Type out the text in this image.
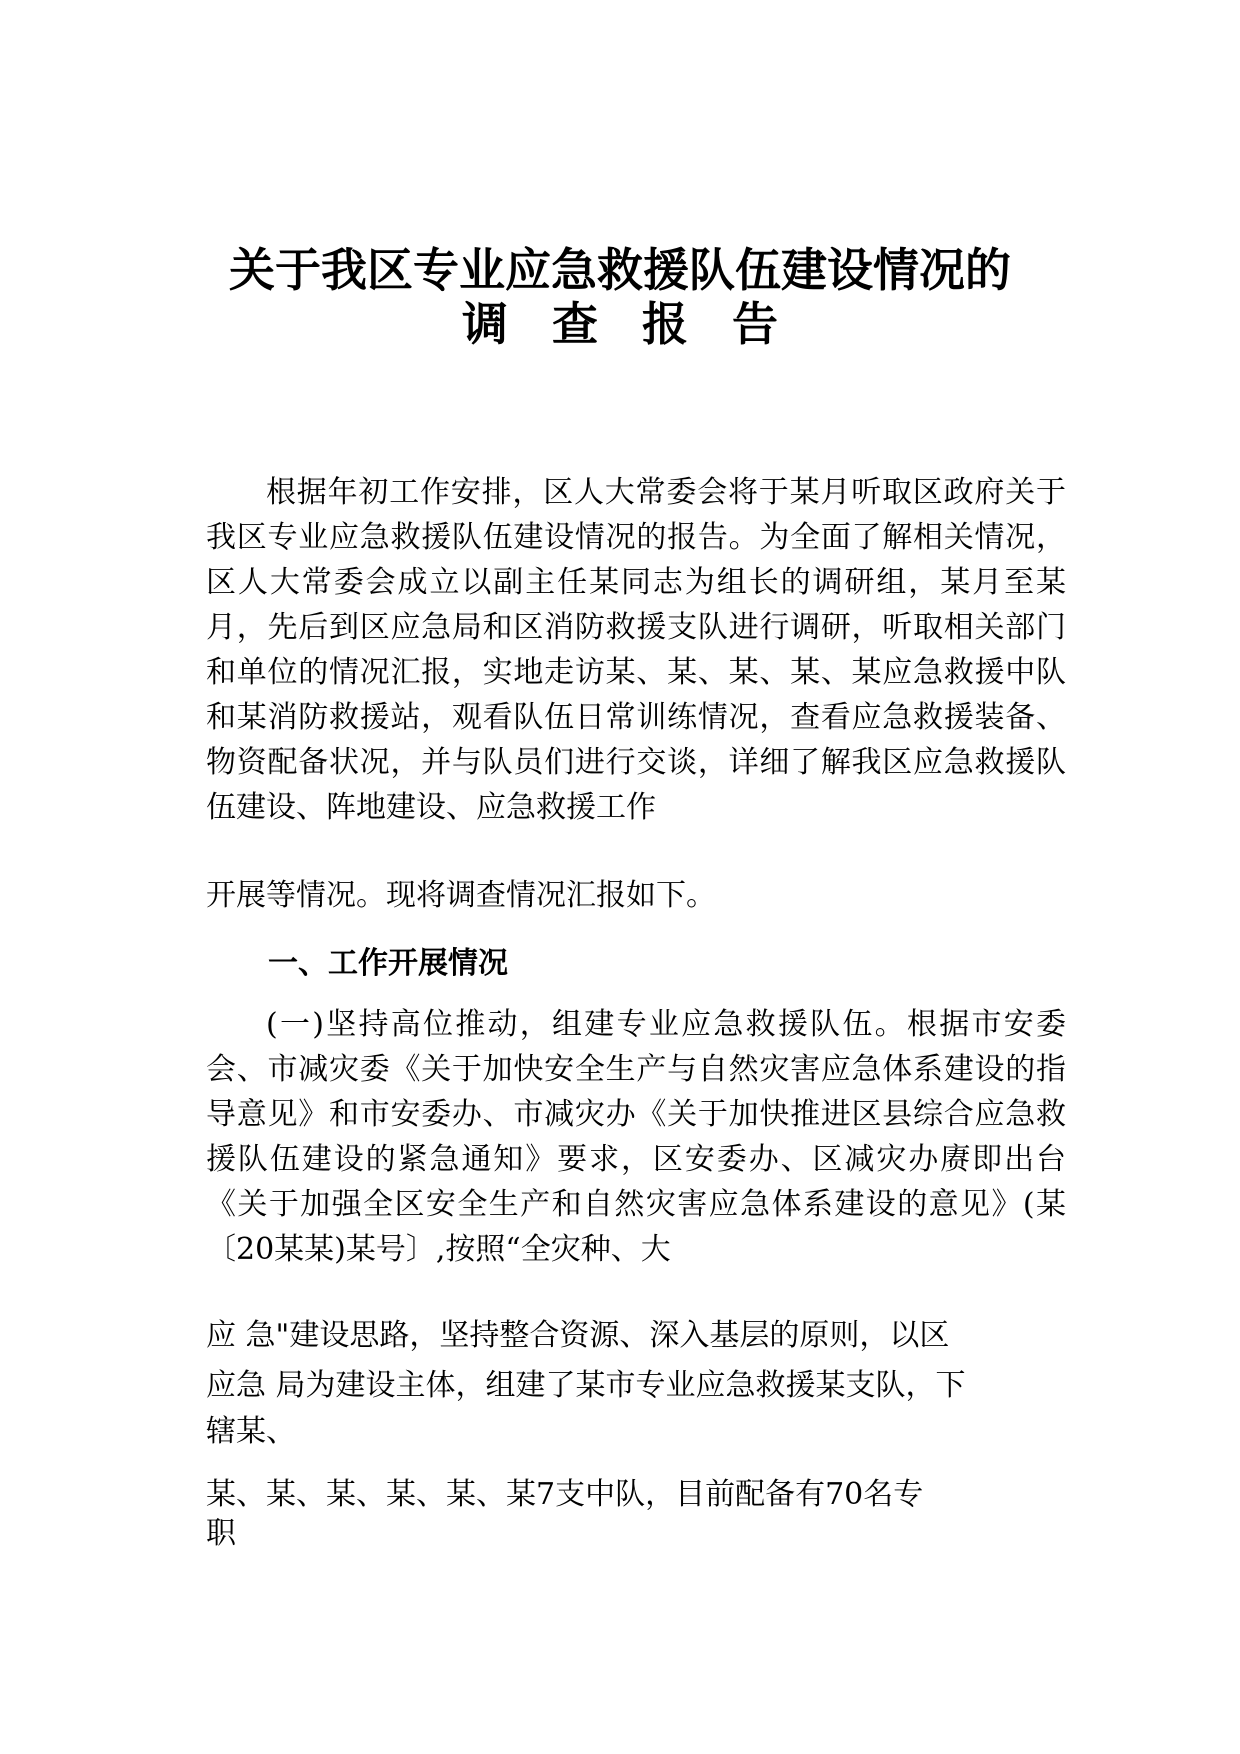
关于我区专业应急救援队伍建设情况的
调查报告

根据年初工作安排，区人大常委会将于某月听取区政府关于我区专业应急救援队伍建设情况的报告。为全面了解相关情况，区人大常委会成立以副主任某同志为组长的调研组，某月至某月，先后到区应急局和区消防救援支队进行调研，听取相关部门和单位的情况汇报，实地走访某、某、某、某、某应急救援中队和某消防救援站，观看队伍日常训练情况，查看应急救援装备、物资配备状况，并与队员们进行交谈，详细了解我区应急救援队伍建设、阵地建设、应急救援工作

开展等情况。现将调查情况汇报如下。

一、工作开展情况

(一)坚持高位推动，组建专业应急救援队伍。根据市安委会、市减灾委《关于加快安全生产与自然灾害应急体系建设的指导意见》和市安委办、市减灾办《关于加快推进区县综合应急救援队伍建设的紧急通知》要求，区安委办、区减灾办赓即出台《关于加强全区安全生产和自然灾害应急体系建设的意见》(某〔20某某)某号〕,按照“全灾种、大

应 急"建设思路，坚持整合资源、深入基层的原则，以区

应急 局为建设主体，组建了某市专业应急救援某支队，下

辖某、

某、某、某、某、某、某7支中队，目前配备有70名专

职
